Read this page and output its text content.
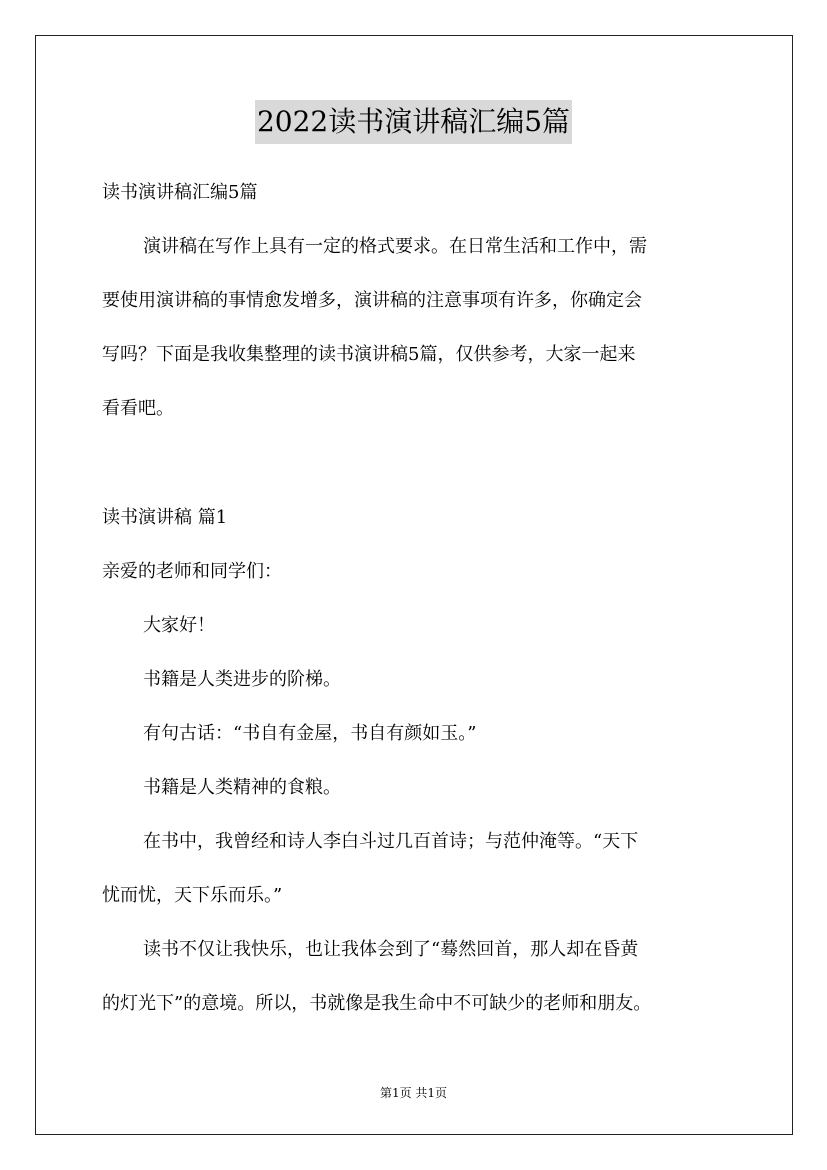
2022读书演讲稿汇编5篇
读书演讲稿汇编5篇
演讲稿在写作上具有一定的格式要求。在日常生活和工作中，需
要使用演讲稿的事情愈发增多，演讲稿的注意事项有许多，你确定会
写吗？下面是我收集整理的读书演讲稿5篇，仅供参考，大家一起来
看看吧。
读书演讲稿 篇1
亲爱的老师和同学们：
大家好！
书籍是人类进步的阶梯。
有句古话：“书自有金屋，书自有颜如玉。”
书籍是人类精神的食粮。
在书中，我曾经和诗人李白斗过几百首诗；与范仲淹等。“天下
忧而忧，天下乐而乐。”
读书不仅让我快乐，也让我体会到了“蓦然回首，那人却在昏黄
的灯光下”的意境。所以，书就像是我生命中不可缺少的老师和朋友。
第1页 共1页
